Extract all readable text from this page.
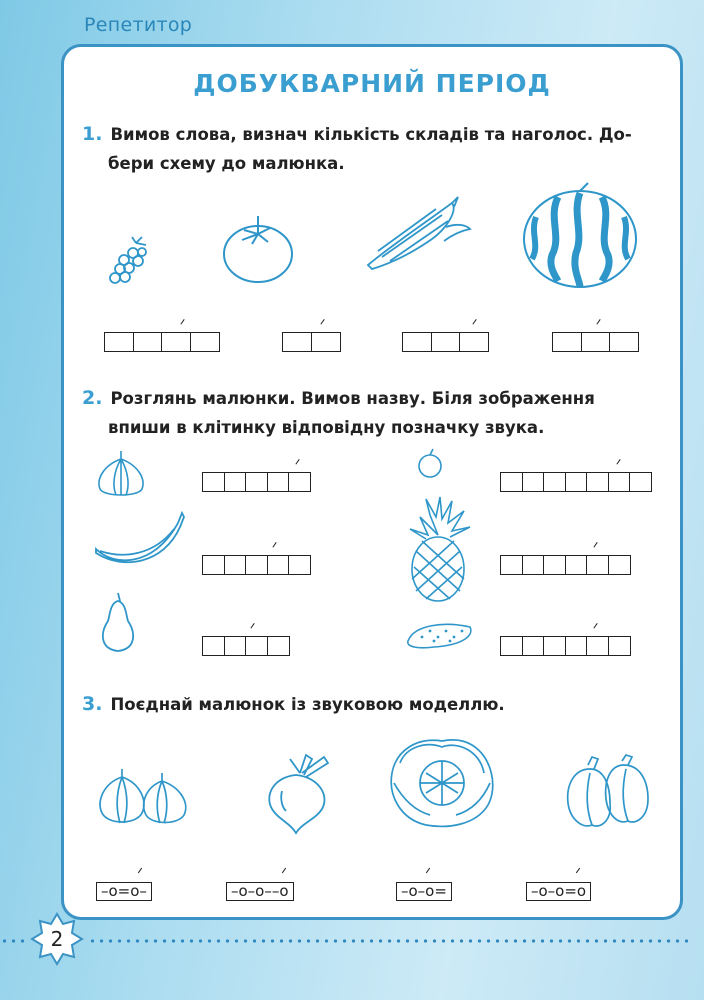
Репетитор
ДОБУКВАРНИЙ ПЕРІОД
1. Вимов слова, визнач кількість складів та наголос. До-
бери схему до малюнка.
2. Розглянь малюнки. Вимов назву. Біля зображення
впиши в клітинку відповідну позначку звука.
3. Поєднай малюнок із звуковою моделлю.
–о=о–	–о–о––о	–о–о=	–о–о=о
2
